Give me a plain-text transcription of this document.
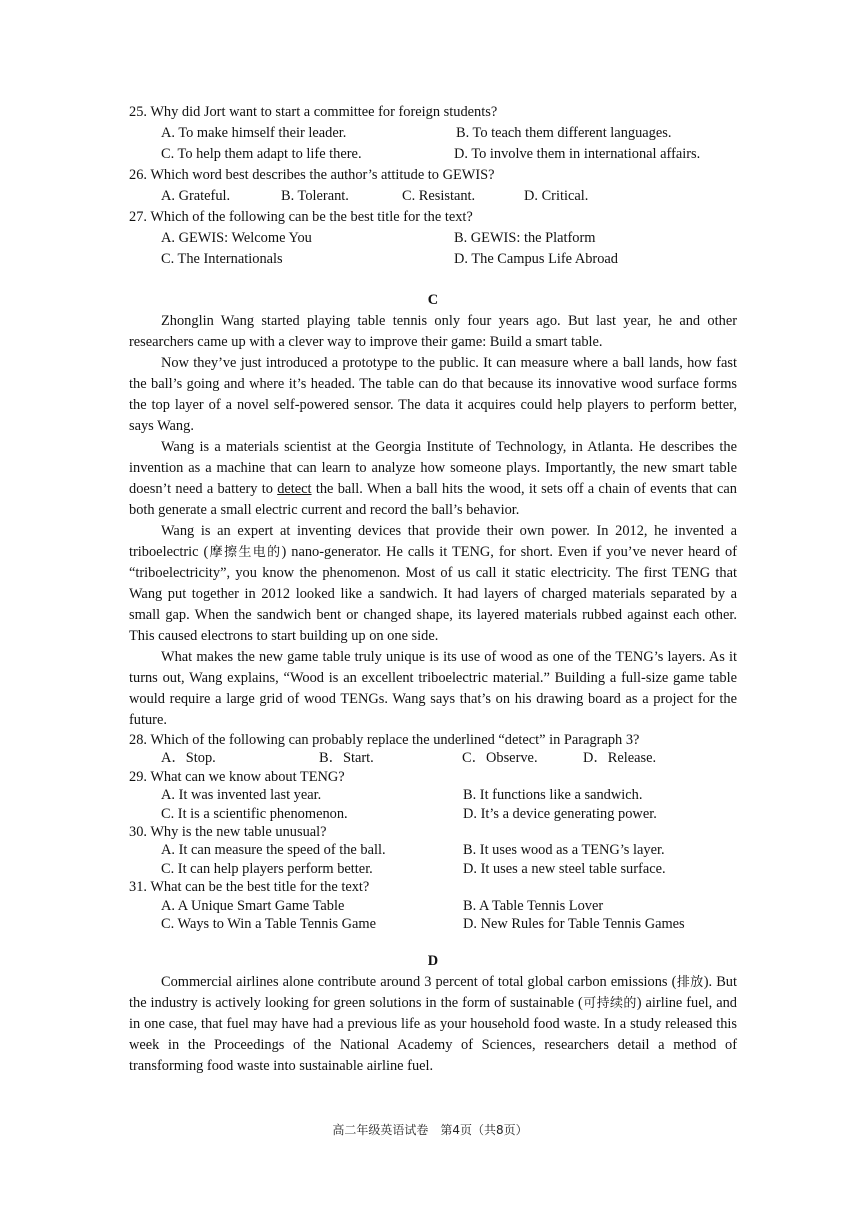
25. Why did Jort want to start a committee for foreign students?
A. To make himself their leader.	B. To teach them different languages.
C. To help them adapt to life there.	D. To involve them in international affairs.
26. Which word best describes the author’s attitude to GEWIS?
A. Grateful.	B. Tolerant.	C. Resistant.	D. Critical.
27. Which of the following can be the best title for the text?
A. GEWIS: Welcome You	B. GEWIS: the Platform
C. The Internationals	D. The Campus Life Abroad
C
Zhonglin Wang started playing table tennis only four years ago. But last year, he and other researchers came up with a clever way to improve their game: Build a smart table.
Now they’ve just introduced a prototype to the public. It can measure where a ball lands, how fast the ball’s going and where it’s headed. The table can do that because its innovative wood surface forms the top layer of a novel self-powered sensor. The data it acquires could help players to perform better, says Wang.
Wang is a materials scientist at the Georgia Institute of Technology, in Atlanta. He describes the invention as a machine that can learn to analyze how someone plays. Importantly, the new smart table doesn’t need a battery to detect the ball. When a ball hits the wood, it sets off a chain of events that can both generate a small electric current and record the ball’s behavior.
Wang is an expert at inventing devices that provide their own power. In 2012, he invented a triboelectric (摩擦生电的) nano-generator. He calls it TENG, for short. Even if you’ve never heard of “triboelectricity”, you know the phenomenon. Most of us call it static electricity. The first TENG that Wang put together in 2012 looked like a sandwich. It had layers of charged materials separated by a small gap. When the sandwich bent or changed shape, its layered materials rubbed against each other. This caused electrons to start building up on one side.
What makes the new game table truly unique is its use of wood as one of the TENG’s layers. As it turns out, Wang explains, “Wood is an excellent triboelectric material.” Building a full-size game table would require a large grid of wood TENGs. Wang says that’s on his drawing board as a project for the future.
28. Which of the following can probably replace the underlined “detect” in Paragraph 3?
A．Stop.	B．Start.	C．Observe.	D．Release.
29. What can we know about TENG?
A. It was invented last year.	B. It functions like a sandwich.
C. It is a scientific phenomenon.	D. It’s a device generating power.
30. Why is the new table unusual?
A. It can measure the speed of the ball.	B. It uses wood as a TENG’s layer.
C. It can help players perform better.	D. It uses a new steel table surface.
31. What can be the best title for the text?
A. A Unique Smart Game Table	B. A Table Tennis Lover
C. Ways to Win a Table Tennis Game	D. New Rules for Table Tennis Games
D
Commercial airlines alone contribute around 3 percent of total global carbon emissions (排放). But the industry is actively looking for green solutions in the form of sustainable (可持续的) airline fuel, and in one case, that fuel may have had a previous life as your household food waste. In a study released this week in the Proceedings of the National Academy of Sciences, researchers detail a method of transforming food waste into sustainable airline fuel.
高二年级英语试卷　第4页（共8页）
